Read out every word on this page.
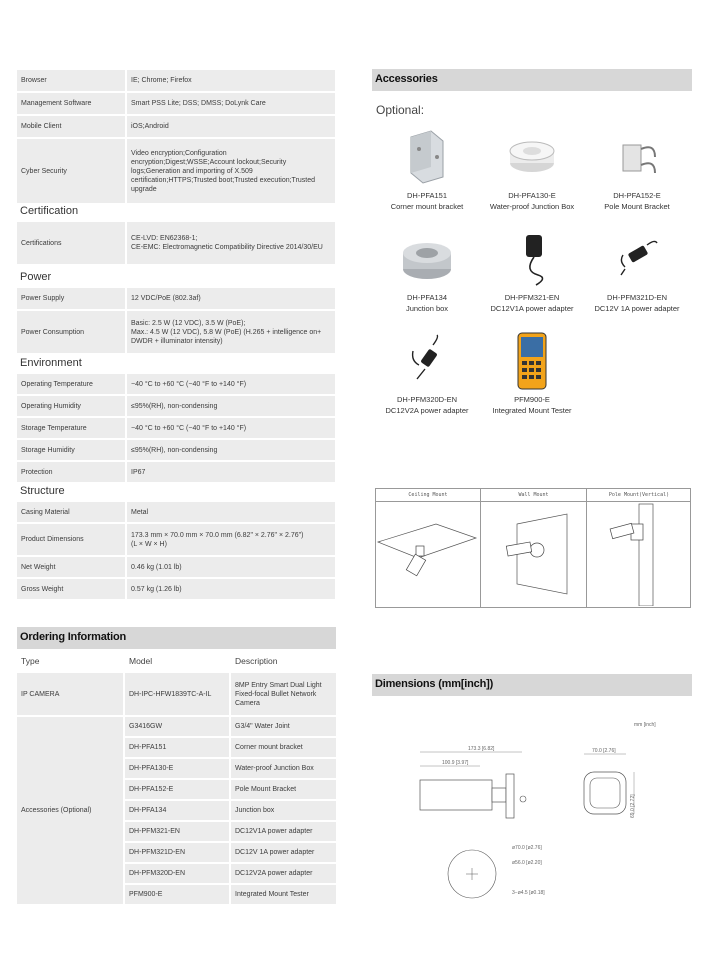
Browser	IE; Chrome; Firefox
Management Software	Smart PSS Lite; DSS; DMSS; DoLynk Care
Mobile Client	iOS;Android
Cyber Security	Video encryption;Configuration encryption;Digest;WSSE;Account lockout;Security logs;Generation and importing of X.509 certification;HTTPS;Trusted boot;Trusted execution;Trusted upgrade
Certification
Certifications	CE-LVD: EN62368-1;
CE-EMC: Electromagnetic Compatibility Directive 2014/30/EU
Power
Power Supply	12 VDC/PoE (802.3af)
Power Consumption	Basic: 2.5 W (12 VDC), 3.5 W (PoE);
Max.: 4.5 W (12 VDC), 5.8 W (PoE) (H.265 + intelligence on+ DWDR + illuminator intensity)
Environment
Operating Temperature	−40 °C to +60 °C (−40 °F to +140 °F)
Operating Humidity	≤95%(RH), non-condensing
Storage Temperature	−40 °C to +60 °C (−40 °F to +140 °F)
Storage Humidity	≤95%(RH), non-condensing
Protection	IP67
Structure
Casing Material	Metal
Product Dimensions	173.3 mm × 70.0 mm × 70.0 mm (6.82" × 2.76" × 2.76")
(L × W × H)
Net Weight	0.46 kg (1.01 lb)
Gross Weight	0.57 kg (1.26 lb)
Ordering Information
Type	Model	Description
IP CAMERA	DH-IPC-HFW1839TC-A-IL	8MP Entry Smart Dual Light Fixed-focal Bullet Network Camera
Accessories (Optional)	G3416GW	G3/4" Water Joint
	DH-PFA151	Corner mount bracket
	DH-PFA130-E	Water-proof Junction Box
	DH-PFA152-E	Pole Mount Bracket
	DH-PFA134	Junction box
	DH-PFM321-EN	DC12V1A power adapter
	DH-PFM321D-EN	DC12V 1A power adapter
	DH-PFM320D-EN	DC12V2A power adapter
	PFM900-E	Integrated Mount Tester
Accessories
Optional:
DH-PFA151
Corner mount bracket
DH-PFA130-E
Water-proof Junction Box
DH-PFA152-E
Pole Mount Bracket
DH-PFA134
Junction box
DH-PFM321-EN
DC12V1A power adapter
DH-PFM321D-EN
DC12V 1A power adapter
DH-PFM320D-EN
DC12V2A power adapter
PFM900-E
Integrated Mount Tester
Ceiling Mount	Wall Mount	Pole Mount(Vertical)
Dimensions (mm[inch])
mm [inch]
173.3 [6.82]
100.9 [3.97]
70.0 [2.76]
69.0 [2.72]
ø70.0 [ø2.76]
ø56.0 [ø2.20]
3−ø4.5 [ø0.18]
